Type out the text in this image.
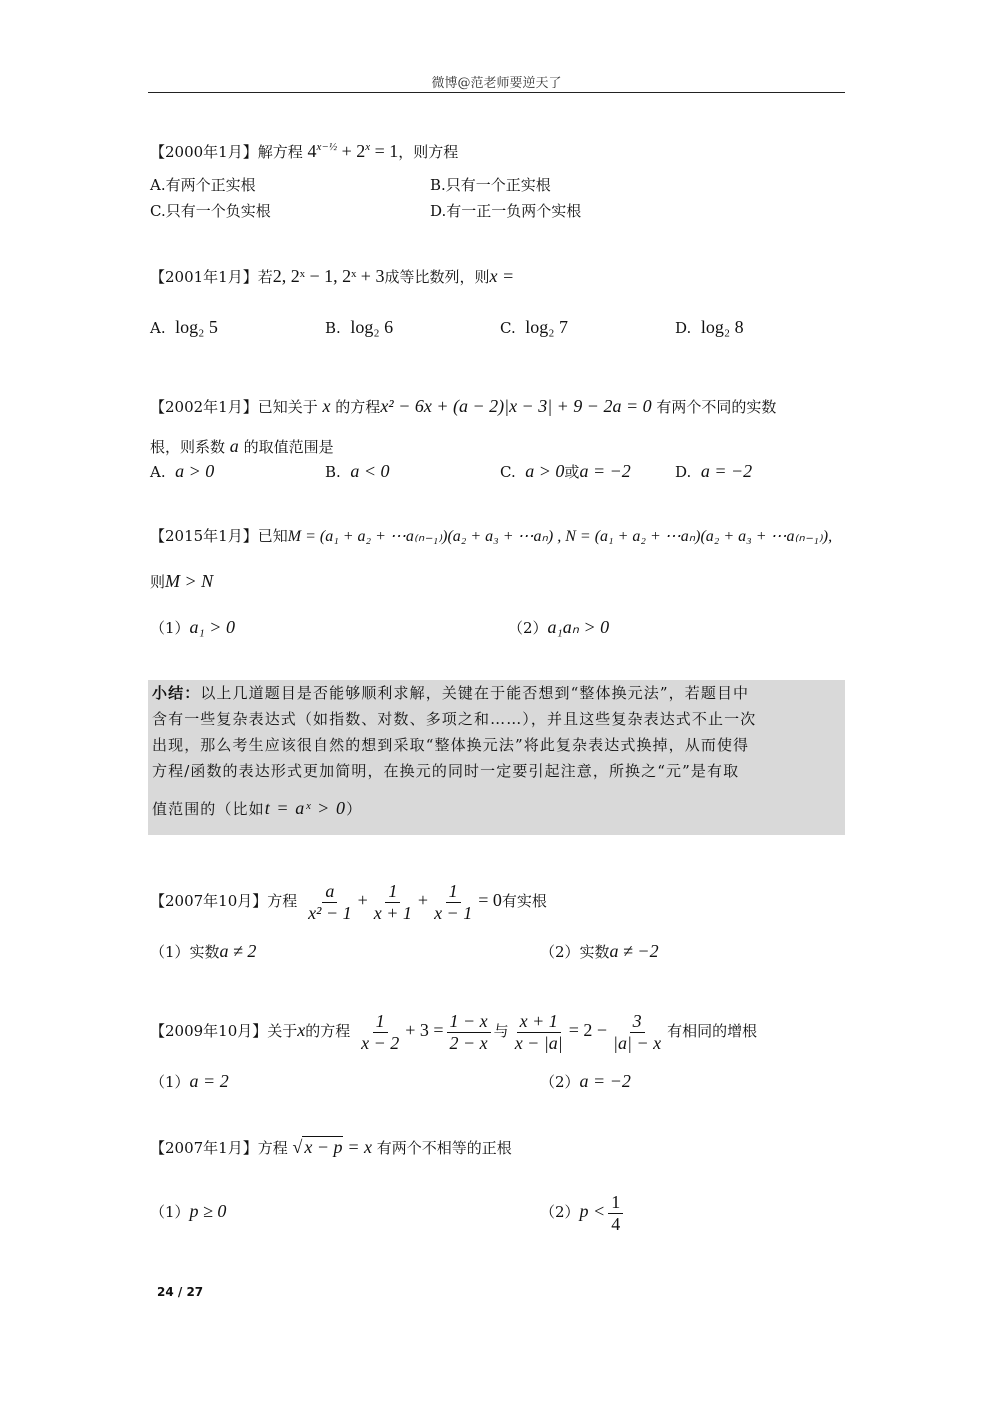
微博@范老师要逆天了
【2000年1月】解方程 $4^{x-\frac{1}{2}} + 2^x = 1$，则方程
A.有两个正实根	B.只有一个正实根
C.只有一个负实根	D.有一正一负两个实根
【2001年1月】若2, 2ˣ − 1, 2ˣ + 3成等比数列，则x =
A. log₂ 5	B. log₂ 6	C. log₂ 7	D. log₂ 8
【2002年1月】已知关于 x 的方程x² − 6x + (a − 2)|x − 3| + 9 − 2a = 0 有两个不同的实数
根，则系数 a 的取值范围是
A. a > 0	B. a < 0	C. a > 0或a = −2	D. a = −2
【2015年1月】已知M = (a₁ + a₂ + ⋯a₍ₙ₋₁₎)(a₂ + a₃ + ⋯aₙ) , N = (a₁ + a₂ + ⋯aₙ)(a₂ + a₃ + ⋯a₍ₙ₋₁₎),
则M > N
（1）a₁ > 0	（2）a₁aₙ > 0
小结：以上几道题目是否能够顺利求解，关键在于能否想到“整体换元法”，若题目中
含有一些复杂表达式（如指数、对数、多项之和……），并且这些复杂表达式不止一次
出现，那么考生应该很自然的想到采取“整体换元法”将此复杂表达式换掉，从而使得
方程/函数的表达形式更加简明，在换元的同时一定要引起注意，所换之“元”是有取
值范围的（比如t = aˣ > 0）
【2007年10月】方程 $\frac{a}{\text{x² − 1}} + \frac{1}{x + 1} + \frac{1}{x - 1} = 0$有实根
（1）实数a ≠ 2	（2）实数a ≠ −2
【2009年10月】关于x的方程 $\frac{1}{x - 2} + 3 = \frac{1 - x}{2 - x}$ 与 $\frac{x + 1}{x - |a|} = 2 - \frac{3}{|a| - x}$ 有相同的增根
（1）a = 2	（2）a = −2
【2007年1月】方程 √ x − p = x 有两个不相等的正根
（1）p ≥ 0	$(2)p < \frac{1}{4}$
24 / 27
